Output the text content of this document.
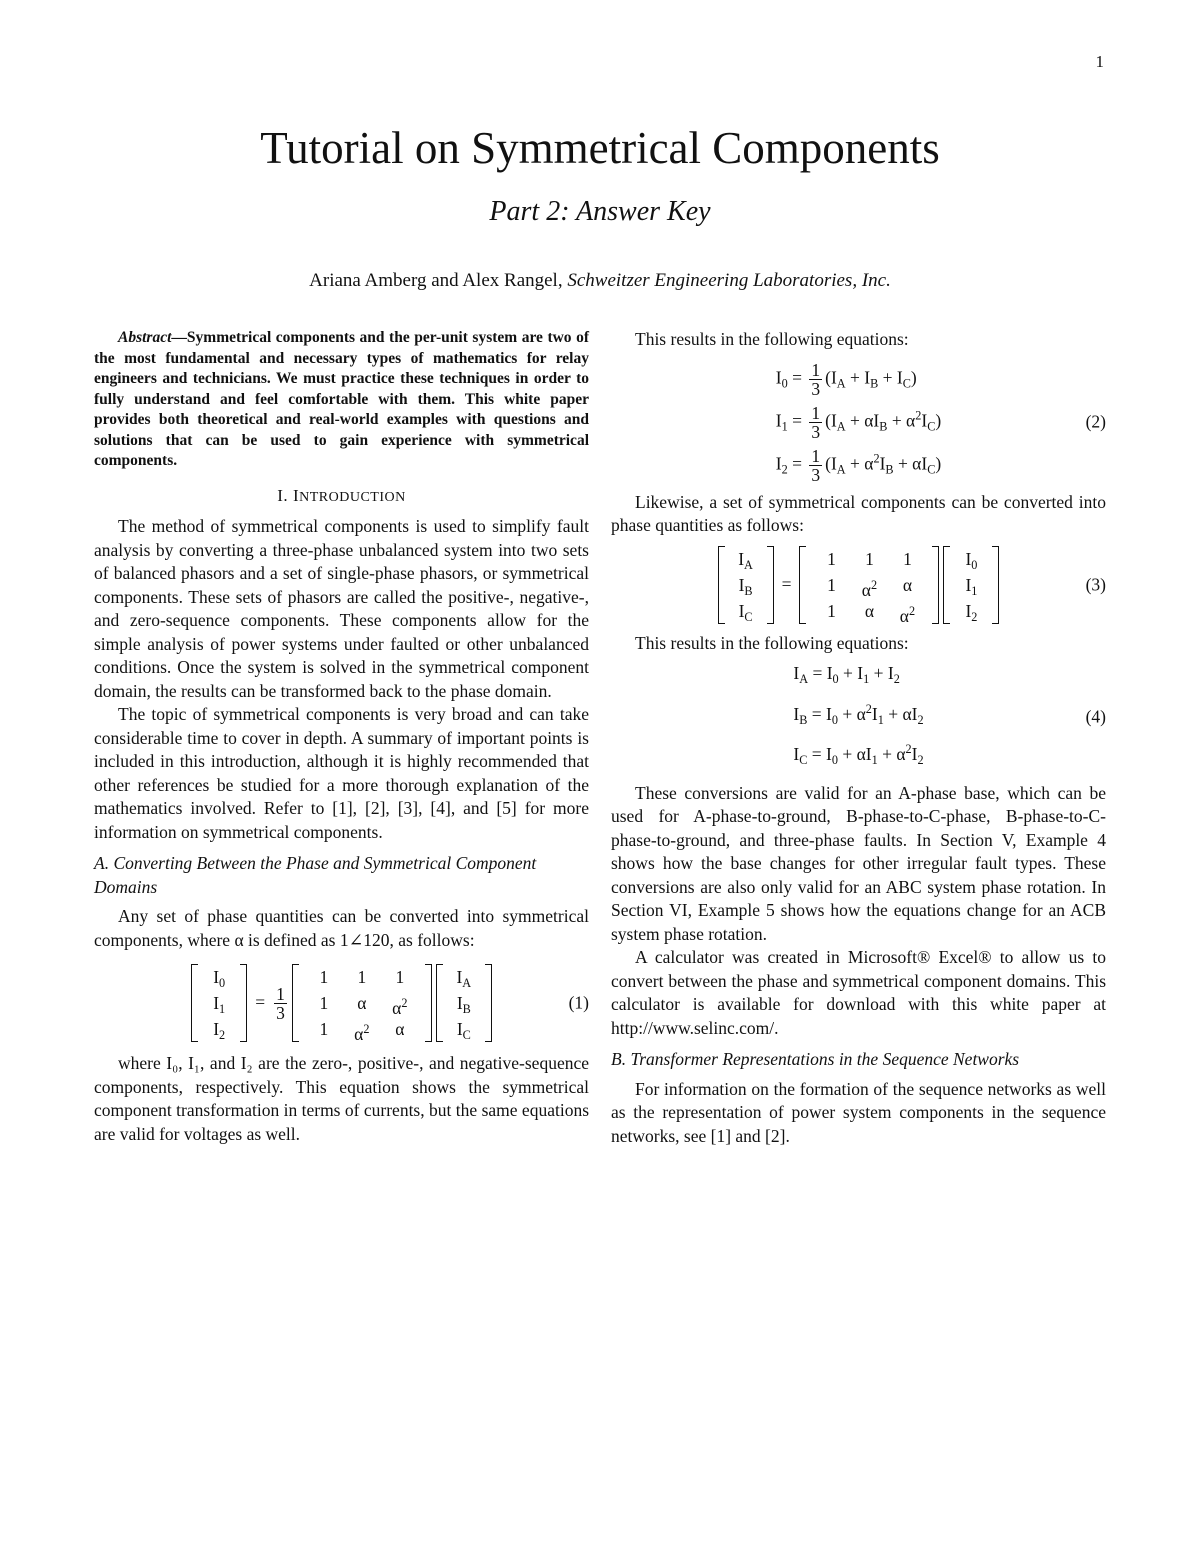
1
Tutorial on Symmetrical Components
Part 2: Answer Key
Ariana Amberg and Alex Rangel, Schweitzer Engineering Laboratories, Inc.

Abstract—Symmetrical components and the per-unit system are two of the most fundamental and necessary types of mathematics for relay engineers and technicians. We must practice these techniques in order to fully understand and feel comfortable with them. This white paper provides both theoretical and real-world examples with questions and solutions that can be used to gain experience with symmetrical components.

I. INTRODUCTION

The method of symmetrical components is used to simplify fault analysis by converting a three-phase unbalanced system into two sets of balanced phasors and a set of single-phase phasors, or symmetrical components. These sets of phasors are called the positive-, negative-, and zero-sequence components. These components allow for the simple analysis of power systems under faulted or other unbalanced conditions. Once the system is solved in the symmetrical component domain, the results can be transformed back to the phase domain.

The topic of symmetrical components is very broad and can take considerable time to cover in depth. A summary of important points is included in this introduction, although it is highly recommended that other references be studied for a more thorough explanation of the mathematics involved. Refer to [1], [2], [3], [4], and [5] for more information on symmetrical components.

A. Converting Between the Phase and Symmetrical Component Domains

Any set of phase quantities can be converted into symmetrical components, where α is defined as 1∠120, as follows:

$I_0$
$I_1$
$I_2$
= $\frac{1}{3}$
1	1	1
1	α	$\alpha^2$
1	$\alpha^2$	α
$I_A$
$I_B$
$I_C$
(1)

where I₀, I₁, and I₂ are the zero-, positive-, and negative-sequence components, respectively. This equation shows the symmetrical component transformation in terms of currents, but the same equations are valid for voltages as well.

This results in the following equations:

$I_0 = \frac{1}{3} (I_A + I_B + I_C)$
$I_1 = \frac{1}{3} (I_A + \alpha I_B + \alpha^2I_C)$
$I_2 = \frac{1}{3} (I_A + \alpha^2I_B + \alpha I_C)$
(2)

Likewise, a set of symmetrical components can be converted into phase quantities as follows:

$I_A$
$I_B$
$I_C$
=
1	1	1
1	$\alpha^2$	α
1	α	$\alpha^2$
$I_0$
$I_1$
$I_2$
(3)

This results in the following equations:

$I_A = I_0 + I_1 + I_2$
$I_B = I_0 + \alpha^2I_1 + \alpha I_2$
$I_C = I_0 + \alpha I_1 + \alpha^2I_2$
(4)

These conversions are valid for an A-phase base, which can be used for A-phase-to-ground, B-phase-to-C-phase, B-phase-to-C-phase-to-ground, and three-phase faults. In Section V, Example 4 shows how the base changes for other irregular fault types. These conversions are also only valid for an ABC system phase rotation. In Section VI, Example 5 shows how the equations change for an ACB system phase rotation.

A calculator was created in Microsoft® Excel® to allow us to convert between the phase and symmetrical component domains. This calculator is available for download with this white paper at http://www.selinc.com/.

B. Transformer Representations in the Sequence Networks

For information on the formation of the sequence networks as well as the representation of power system components in the sequence networks, see [1] and [2].
